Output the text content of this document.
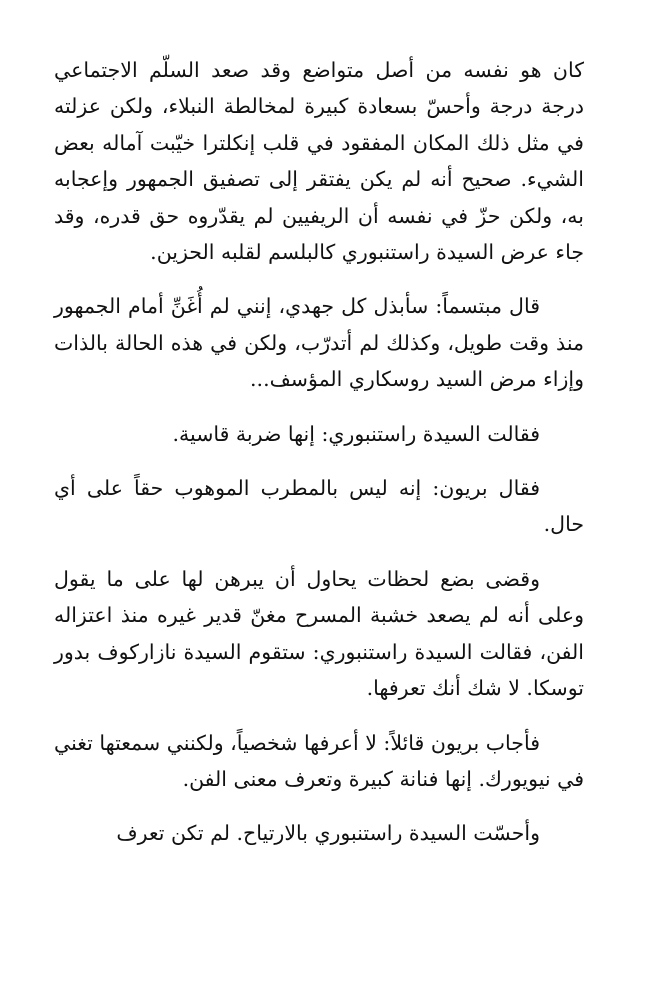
كان هو نفسه من أصل متواضع وقد صعد السلّم الاجتماعي درجة درجة وأحسّ بسعادة كبيرة لمخالطة النبلاء، ولكن عزلته في مثل ذلك المكان المفقود في قلب إنكلترا خيّبت آماله بعض الشيء. صحيح أنه لم يكن يفتقر إلى تصفيق الجمهور وإعجابه به، ولكن حزّ في نفسه أن الريفيين لم يقدّروه حق قدره، وقد جاء عرض السيدة راستنبوري كالبلسم لقلبه الحزين.

قال مبتسماً: سأبذل كل جهدي، إنني لم أُغَنِّ أمام الجمهور منذ وقت طويل، وكذلك لم أتدرّب، ولكن في هذه الحالة بالذات وإزاء مرض السيد روسكاري المؤسف...

فقالت السيدة راستنبوري: إنها ضربة قاسية.

فقال بريون: إنه ليس بالمطرب الموهوب حقاً على أي حال.

وقضى بضع لحظات يحاول أن يبرهن لها على ما يقول وعلى أنه لم يصعد خشبة المسرح مغنّ قدير غيره منذ اعتزاله الفن، فقالت السيدة راستنبوري: ستقوم السيدة نازاركوف بدور توسكا. لا شك أنك تعرفها.

فأجاب بريون قائلاً: لا أعرفها شخصياً، ولكنني سمعتها تغني في نيويورك. إنها فنانة كبيرة وتعرف معنى الفن.

وأحسّت السيدة راستنبوري بالارتياح. لم تكن تعرف
